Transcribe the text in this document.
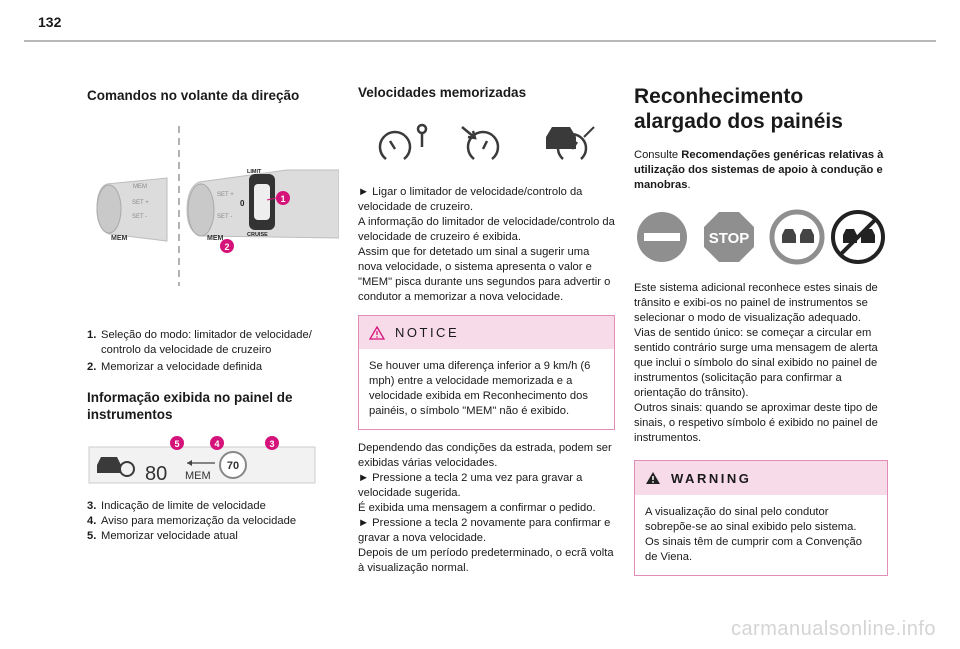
132
Comandos no volante da direção
MEM
SET +
SET -
MEM
LIMIT
CRUISE
0
SET +
SET -
MEM
1
2
1. Seleção do modo: limitador de velocidade/ controlo da velocidade de cruzeiro
2. Memorizar a velocidade definida
Informação exibida no painel de instrumentos
80 MEM
70
5	4	3
3. Indicação de limite de velocidade
4. Aviso para memorização da velocidade
5. Memorizar velocidade atual
Velocidades memorizadas

► Ligar o limitador de velocidade/controlo da velocidade de cruzeiro.
A informação do limitador de velocidade/controlo da velocidade de cruzeiro é exibida.
Assim que for detetado um sinal a sugerir uma nova velocidade, o sistema apresenta o valor e "MEM" pisca durante uns segundos para advertir o condutor a memorizar a nova velocidade.

NOTICE

Se houver uma diferença inferior a 9 km/h (6 mph) entre a velocidade memorizada e a velocidade exibida em Reconhecimento dos painéis, o símbolo "MEM" não é exibido.

Dependendo das condições da estrada, podem ser exibidas várias velocidades.
► Pressione a tecla 2 uma vez para gravar a velocidade sugerida.
É exibida uma mensagem a confirmar o pedido.
► Pressione a tecla 2 novamente para confirmar e gravar a nova velocidade.
Depois de um período predeterminado, o ecrã volta à visualização normal.

Reconhecimento alargado dos painéis

Consulte Recomendações genéricas relativas à utilização dos sistemas de apoio à condução e manobras.

STOP

Este sistema adicional reconhece estes sinais de trânsito e exibi-os no painel de instrumentos se selecionar o modo de visualização adequado.
Vias de sentido único: se começar a circular em sentido contrário surge uma mensagem de alerta que inclui o símbolo do sinal exibido no painel de instrumentos (solicitação para confirmar a orientação do trânsito).
Outros sinais: quando se aproximar deste tipo de sinais, o respetivo símbolo é exibido no painel de instrumentos.

WARNING

A visualização do sinal pelo condutor sobrepõe-se ao sinal exibido pelo sistema.
Os sinais têm de cumprir com a Convenção de Viena.

carmanualsonline.info
